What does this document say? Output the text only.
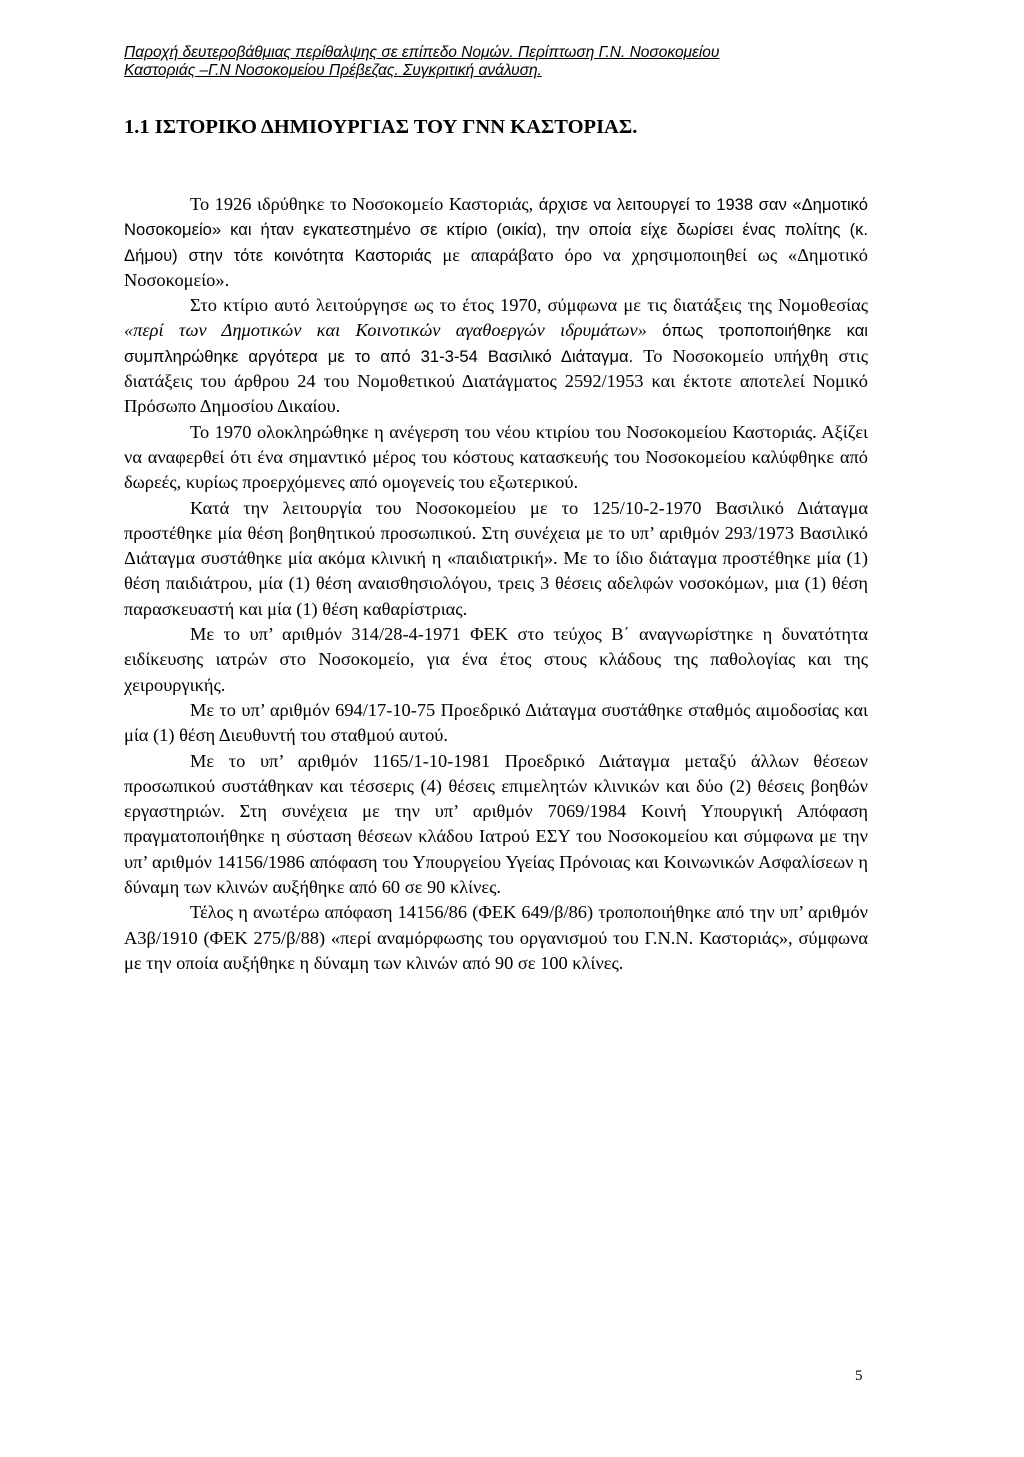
Παροχή δευτεροβάθμιας περίθαλψης σε επίπεδο Νομών. Περίπτωση Γ.Ν. Νοσοκομείου
Καστοριάς –Γ.Ν Νοσοκομείου Πρέβεζας. Συγκριτική ανάλυση.
1.1 ΙΣΤΟΡΙΚΟ ΔΗΜΙΟΥΡΓΙΑΣ ΤΟΥ ΓΝΝ ΚΑΣΤΟΡΙΑΣ.

Το 1926 ιδρύθηκε το Νοσοκομείο Καστοριάς, άρχισε να λειτουργεί το 1938 σαν «Δημοτικό Νοσοκομείο» και ήταν εγκατεστημένο σε κτίριο (οικία), την οποία είχε δωρίσει ένας πολίτης (κ. Δήμου) στην τότε κοινότητα Καστοριάς με απαράβατο όρο να χρησιμοποιηθεί ως «Δημοτικό Νοσοκομείο».

Στο κτίριο αυτό λειτούργησε ως το έτος 1970, σύμφωνα με τις διατάξεις της Νομοθεσίας «περί των Δημοτικών και Κοινοτικών αγαθοεργών ιδρυμάτων» όπως τροποποιήθηκε και συμπληρώθηκε αργότερα με το από 31-3-54 Βασιλικό Διάταγμα. Το Νοσοκομείο υπήχθη στις διατάξεις του άρθρου 24 του Νομοθετικού Διατάγματος 2592/1953 και έκτοτε αποτελεί Νομικό Πρόσωπο Δημοσίου Δικαίου.

Το 1970 ολοκληρώθηκε η ανέγερση του νέου κτιρίου του Νοσοκομείου Καστοριάς. Αξίζει να αναφερθεί ότι ένα σημαντικό μέρος του κόστους κατασκευής του Νοσοκομείου καλύφθηκε από δωρεές, κυρίως προερχόμενες από ομογενείς του εξωτερικού.

Κατά την λειτουργία του Νοσοκομείου με το 125/10-2-1970 Βασιλικό Διάταγμα προστέθηκε μία θέση βοηθητικού προσωπικού. Στη συνέχεια με το υπ’ αριθμόν 293/1973 Βασιλικό Διάταγμα συστάθηκε μία ακόμα κλινική η «παιδιατρική». Με το ίδιο διάταγμα προστέθηκε μία (1) θέση παιδιάτρου, μία (1) θέση αναισθησιολόγου, τρεις 3 θέσεις αδελφών νοσοκόμων, μια (1) θέση παρασκευαστή και μία (1) θέση καθαρίστριας.

Με το υπ’ αριθμόν 314/28-4-1971 ΦΕΚ στο τεύχος Β΄ αναγνωρίστηκε η δυνατότητα ειδίκευσης ιατρών στο Νοσοκομείο, για ένα έτος στους κλάδους της παθολογίας και της χειρουργικής.

Με το υπ’ αριθμόν 694/17-10-75 Προεδρικό Διάταγμα συστάθηκε σταθμός αιμοδοσίας και μία (1) θέση Διευθυντή του σταθμού αυτού.

Με το υπ’ αριθμόν 1165/1-10-1981 Προεδρικό Διάταγμα μεταξύ άλλων θέσεων προσωπικού συστάθηκαν και τέσσερις (4) θέσεις επιμελητών κλινικών και δύο (2) θέσεις βοηθών εργαστηριών. Στη συνέχεια με την υπ’ αριθμόν 7069/1984 Κοινή Υπουργική Απόφαση πραγματοποιήθηκε η σύσταση θέσεων κλάδου Ιατρού ΕΣΥ του Νοσοκομείου και σύμφωνα με την υπ’ αριθμόν 14156/1986 απόφαση του Υπουργείου Υγείας Πρόνοιας και Κοινωνικών Ασφαλίσεων η δύναμη των κλινών αυξήθηκε από 60 σε 90 κλίνες.

Τέλος η ανωτέρω απόφαση 14156/86 (ΦΕΚ 649/β/86) τροποποιήθηκε από την υπ’ αριθμόν Α3β/1910 (ΦΕΚ 275/β/88) «περί αναμόρφωσης του οργανισμού του Γ.Ν.Ν. Καστοριάς», σύμφωνα με την οποία αυξήθηκε η δύναμη των κλινών από 90 σε 100 κλίνες.

5
